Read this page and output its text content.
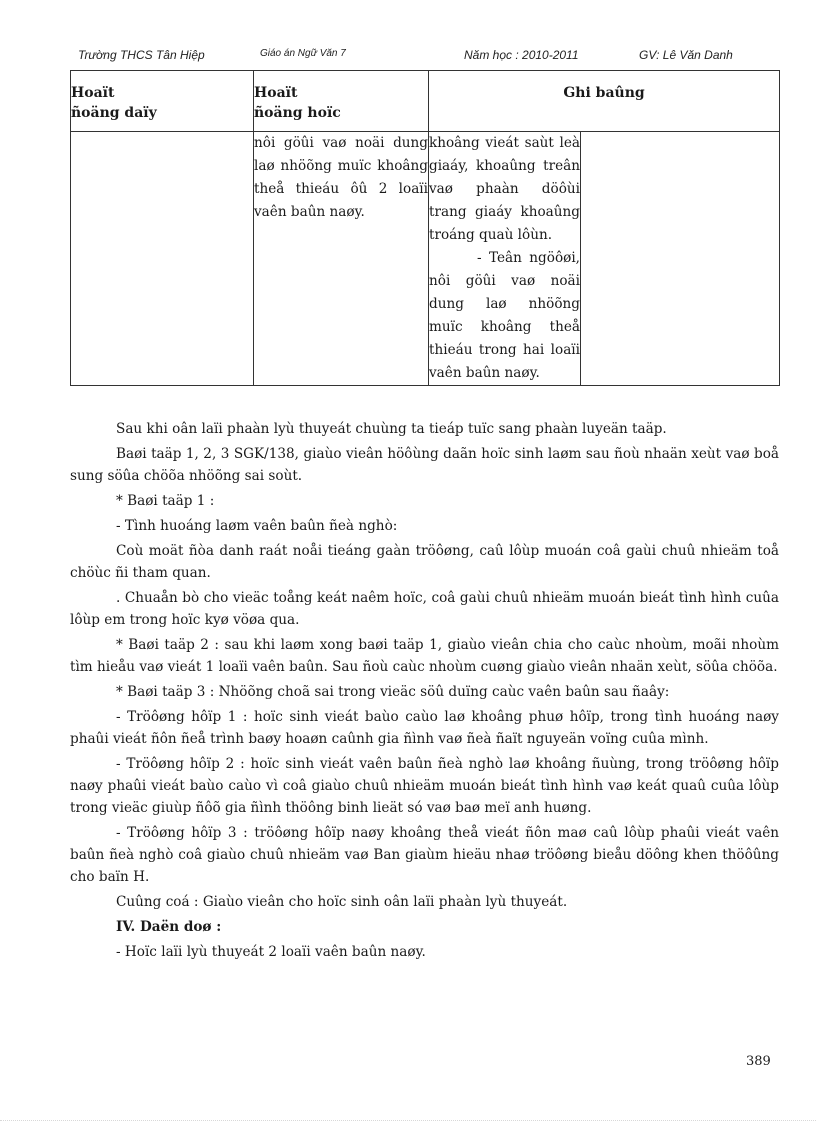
Trường THCS Tân Hiệp	Giáo án Ngữ Văn 7	Năm học : 2010-2011	GV: Lê Văn Danh
Hoaït ñoäng daïy	Hoaït ñoäng hoïc	Ghi baûng	

	nôi göûi vaø noäi dung laø nhöõng muïc khoâng theå thieáu ôû 2 loaïi vaên baûn naøy.	khoâng vieát saùt leà giaáy, khoaûng treân vaø phaàn döôùi trang giaáy khoaûng troáng quaù lôùn.

- Teân ngöôøi, nôi göûi vaø noäi dung laø nhöõng muïc khoâng theå thieáu trong hai loaïi vaên baûn naøy.	

Sau khi oân laïi phaàn lyù thuyeát chuùng ta tieáp tuïc sang phaàn luyeän taäp.

Baøi taäp 1, 2, 3 SGK/138, giaùo vieân höôùng daãn hoïc sinh laøm sau ñoù nhaän xeùt vaø boå sung söûa chöõa nhöõng sai soùt.

* Baøi taäp 1 :

- Tình huoáng laøm vaên baûn ñeà nghò:

Coù moät ñòa danh raát noåi tieáng gaàn tröôøng, caû lôùp muoán coâ gaùi chuû nhieäm toå chöùc ñi tham quan.

. Chuaån bò cho vieäc toång keát naêm hoïc, coâ gaùi chuû nhieäm muoán bieát tình hình cuûa lôùp em trong hoïc kyø vöøa qua.

* Baøi taäp 2 : sau khi laøm xong baøi taäp 1, giaùo vieân chia cho caùc nhoùm, moãi nhoùm tìm hieåu vaø vieát 1 loaïi vaên baûn. Sau ñoù caùc nhoùm cuøng giaùo vieân nhaän xeùt, söûa chöõa.

* Baøi taäp 3 : Nhöõng choã sai trong vieäc söû duïng caùc vaên baûn sau ñaây:

- Tröôøng hôïp 1 : hoïc sinh vieát baùo caùo laø khoâng phuø hôïp, trong tình huoáng naøy phaûi vieát ñôn ñeå trình baøy hoaøn caûnh gia ñình vaø ñeà ñaït nguyeän voïng cuûa mình.

- Tröôøng hôïp 2 : hoïc sinh vieát vaên baûn ñeà nghò laø khoâng ñuùng, trong tröôøng hôïp naøy phaûi vieát baùo caùo vì coâ giaùo chuû nhieäm muoán bieát tình hình vaø keát quaû cuûa lôùp trong vieäc giuùp ñôõ gia ñình thöông binh lieät só vaø baø meï anh huøng.

- Tröôøng hôïp 3 : tröôøng hôïp naøy khoâng theå vieát ñôn maø caû lôùp phaûi vieát vaên baûn ñeà nghò coâ giaùo chuû nhieäm vaø Ban giaùm hieäu nhaø tröôøng bieåu döông khen thöôûng cho baïn H.

Cuûng coá : Giaùo vieân cho hoïc sinh oân laïi phaàn lyù thuyeát.

IV. Daën doø :

- Hoïc laïi lyù thuyeát 2 loaïi vaên baûn naøy.

389
